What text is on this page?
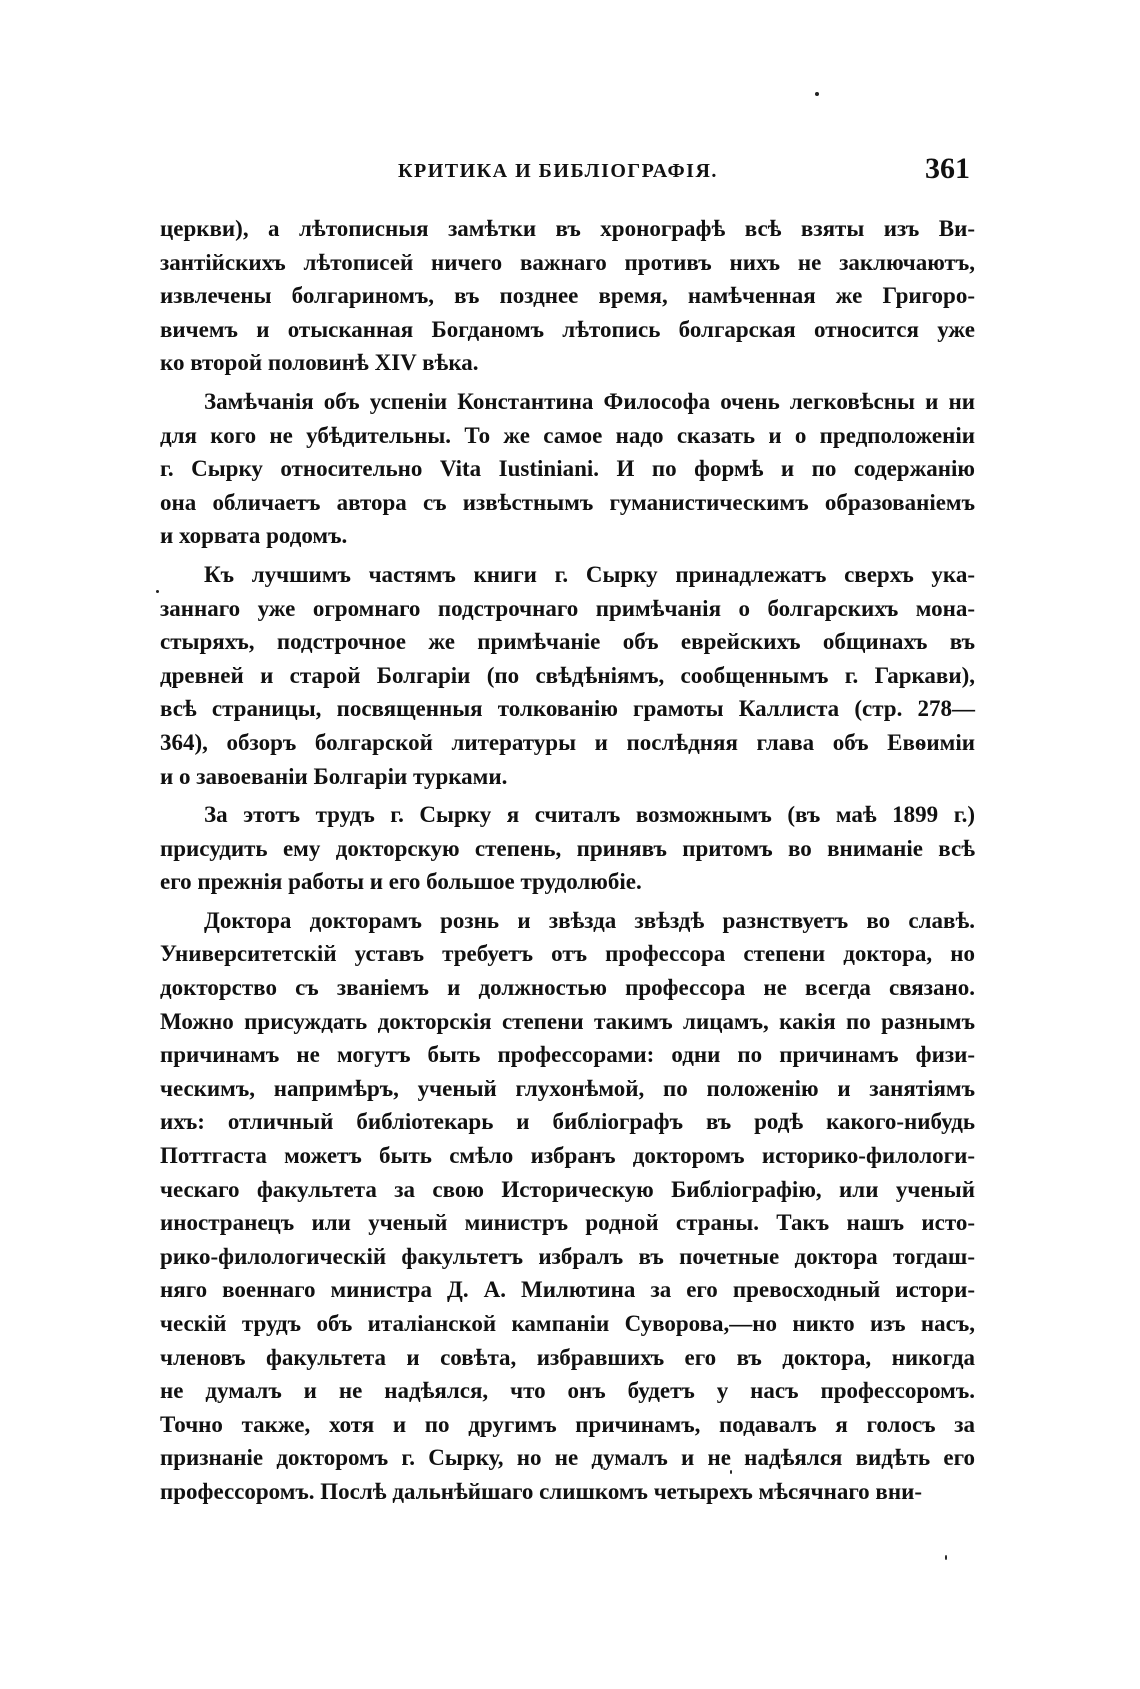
КРИТИКА И БИБЛІОГРАФІЯ.	361
церкви), а лѣтописныя замѣтки въ хронографѣ всѣ взяты изъ Ви-
зантійскихъ лѣтописей ничего важнаго противъ нихъ не заключаютъ,
извлечены болгариномъ, въ позднее время, намѣченная же Григоро-
вичемъ и отысканная Богданомъ лѣтопись болгарская относится уже
ко второй половинѣ XIV вѣка.
Замѣчанія объ успеніи Константина Философа очень легковѣсны и ни
для кого не убѣдительны. То же самое надо сказать и о предположеніи
г. Сырку относительно Vita Iustiniani. И по формѣ и по содержанію
она обличаетъ автора съ извѣстнымъ гуманистическимъ образованіемъ
и хорвата родомъ.
Къ лучшимъ частямъ книги г. Сырку принадлежатъ сверхъ ука-
заннаго уже огромнаго подстрочнаго примѣчанія о болгарскихъ мона-
стыряхъ, подстрочное же примѣчаніе объ еврейскихъ общинахъ въ
древней и старой Болгаріи (по свѣдѣніямъ, сообщеннымъ г. Гаркави),
всѣ страницы, посвященныя толкованію грамоты Каллиста (стр. 278—
364), обзоръ болгарской литературы и послѣдняя глава объ Евѳиміи
и о завоеваніи Болгаріи турками.
За этотъ трудъ г. Сырку я считалъ возможнымъ (въ маѣ 1899 г.)
присудить ему докторскую степень, принявъ притомъ во вниманіе всѣ
его прежнія работы и его большое трудолюбіе.
Доктора докторамъ рознь и звѣзда звѣздѣ разнствуетъ во славѣ.
Университетскій уставъ требуетъ отъ профессора степени доктора, но
докторство съ званіемъ и должностью профессора не всегда связано.
Можно присуждать докторскія степени такимъ лицамъ, какія по разнымъ
причинамъ не могутъ быть профессорами: одни по причинамъ физи-
ческимъ, напримѣръ, ученый глухонѣмой, по положенію и занятіямъ
ихъ: отличный библіотекарь и библіографъ въ родѣ какого-нибудь
Поттгаста можетъ быть смѣло избранъ докторомъ историко-филологи-
ческаго факультета за свою Историческую Библіографію, или ученый
иностранецъ или ученый министръ родной страны. Такъ нашъ исто-
рико-филологическій факультетъ избралъ въ почетные доктора тогдаш-
няго военнаго министра Д. А. Милютина за его превосходный истори-
ческій трудъ объ италіанской кампаніи Суворова,—но никто изъ насъ,
членовъ факультета и совѣта, избравшихъ его въ доктора, никогда
не думалъ и не надѣялся, что онъ будетъ у насъ профессоромъ.
Точно также, хотя и по другимъ причинамъ, подавалъ я голосъ за
признаніе докторомъ г. Сырку, но не думалъ и не надѣялся видѣть его
профессоромъ. Послѣ дальнѣйшаго слишкомъ четырехъ мѣсячнаго вни-
